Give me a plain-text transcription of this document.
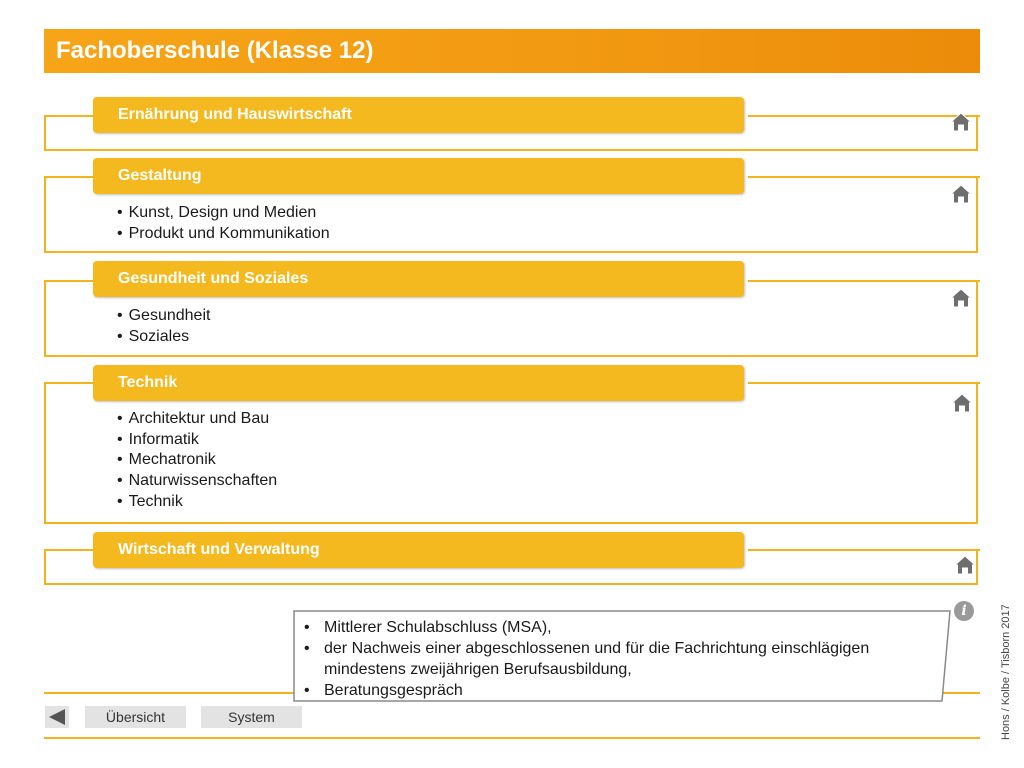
Fachoberschule (Klasse 12)
Ernährung und Hauswirtschaft
Gestaltung
• Kunst, Design und Medien
• Produkt und Kommunikation
Gesundheit und Soziales
• Gesundheit
• Soziales
Technik
• Architektur und Bau
• Informatik
• Mechatronik
• Naturwissenschaften
• Technik
Wirtschaft und Verwaltung
• Mittlerer Schulabschluss (MSA),
• der Nachweis einer abgeschlossenen und für die Fachrichtung einschlägigen mindestens zweijährigen Berufsausbildung,
• Beratungsgespräch
i
Übersicht	System	Hons / Kolbe / Tisborn 2017
